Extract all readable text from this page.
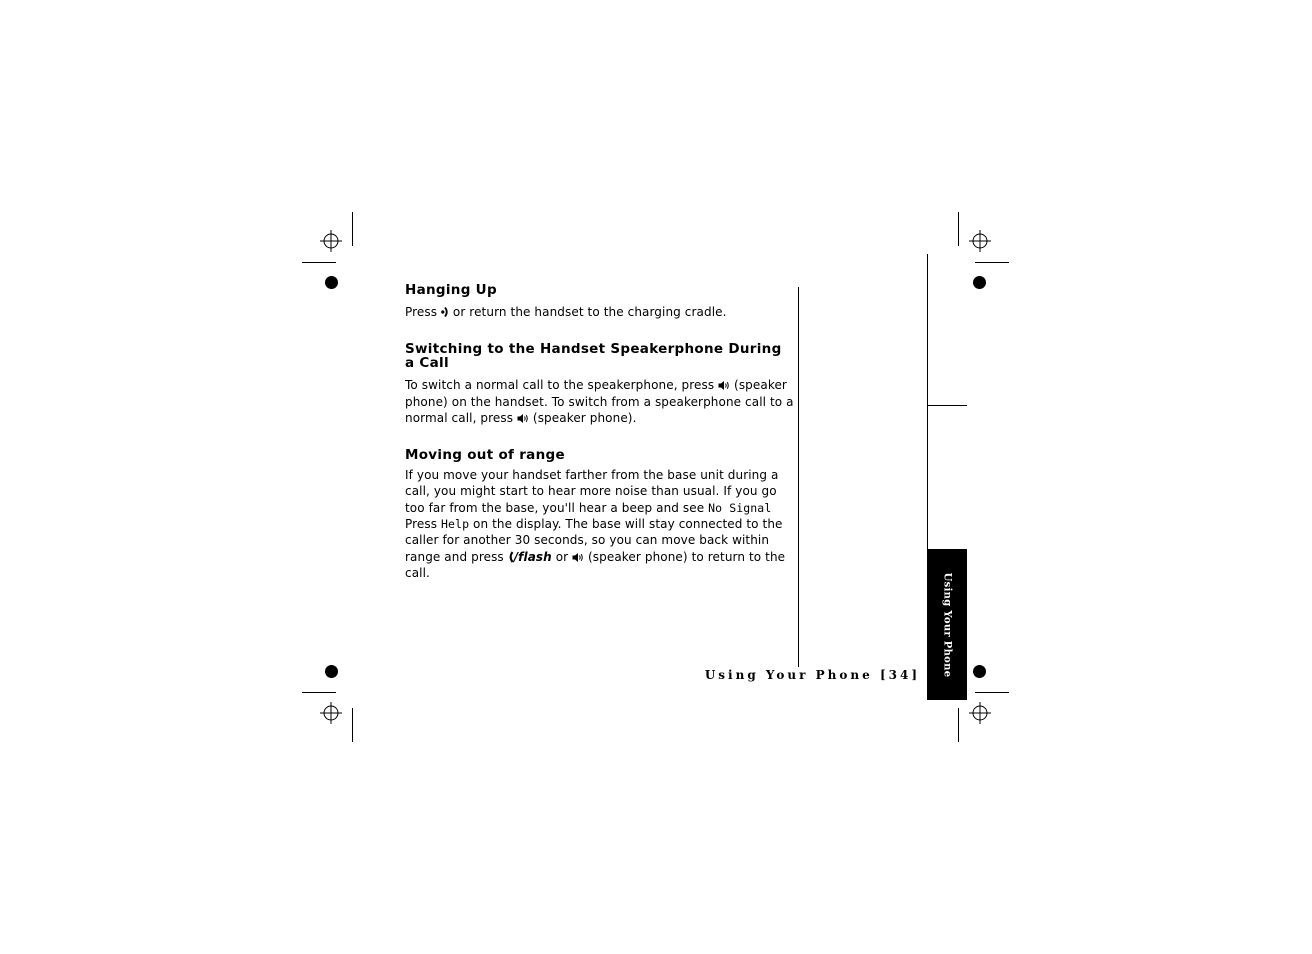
Hanging Up

Press  or return the handset to the charging cradle.

Switching to the Handset Speakerphone During a Call

To switch a normal call to the speakerphone, press  (speaker phone) on the handset. To switch from a speakerphone call to a normal call, press  (speaker phone).

Moving out of range

If you move your handset farther from the base unit during a call, you might start to hear more noise than usual. If you go too far from the base, you'll hear a beep and see No Signal Press Help on the display. The base will stay connected to the caller for another 30 seconds, so you can move back within range and press /flash or  (speaker phone) to return to the call.

Using Your Phone [34] Using Your Phone
